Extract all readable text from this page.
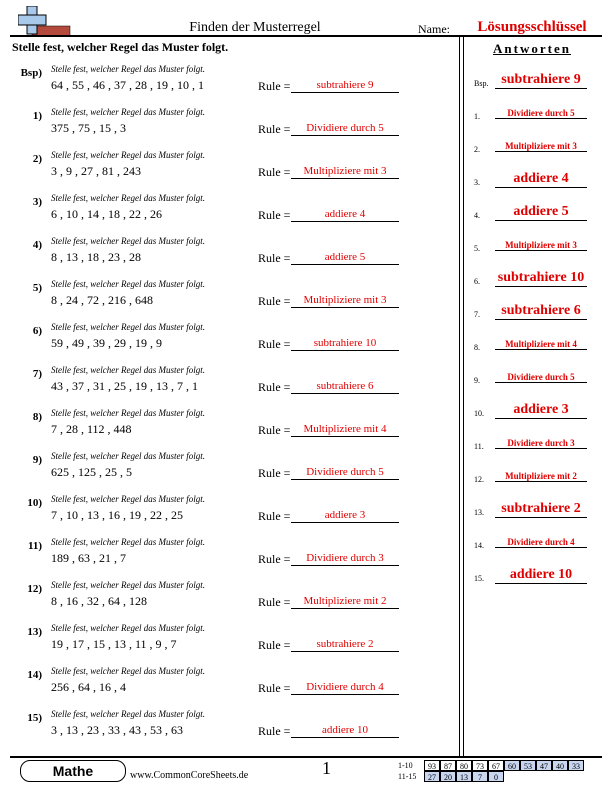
Finden der Musterregel	Name:	Lösungsschlüssel
Stelle fest, welcher Regel das Muster folgt.	Antworten
Bsp) Stelle fest, welcher Regel das Muster folgt.
64 , 55 , 46 , 37 , 28 , 19 , 10 , 1	Rule =	subtrahiere 9
1) Stelle fest, welcher Regel das Muster folgt.
375 , 75 , 15 , 3	Rule =	Dividiere durch 5
2) Stelle fest, welcher Regel das Muster folgt.
3 , 9 , 27 , 81 , 243	Rule =	Multipliziere mit 3
3) Stelle fest, welcher Regel das Muster folgt.
6 , 10 , 14 , 18 , 22 , 26	Rule =	addiere 4
4) Stelle fest, welcher Regel das Muster folgt.
8 , 13 , 18 , 23 , 28	Rule =	addiere 5
5) Stelle fest, welcher Regel das Muster folgt.
8 , 24 , 72 , 216 , 648	Rule =	Multipliziere mit 3
6) Stelle fest, welcher Regel das Muster folgt.
59 , 49 , 39 , 29 , 19 , 9	Rule =	subtrahiere 10
7) Stelle fest, welcher Regel das Muster folgt.
43 , 37 , 31 , 25 , 19 , 13 , 7 , 1	Rule =	subtrahiere 6
8) Stelle fest, welcher Regel das Muster folgt.
7 , 28 , 112 , 448	Rule =	Multipliziere mit 4
9) Stelle fest, welcher Regel das Muster folgt.
625 , 125 , 25 , 5	Rule =	Dividiere durch 5
10) Stelle fest, welcher Regel das Muster folgt.
7 , 10 , 13 , 16 , 19 , 22 , 25	Rule =	addiere 3
11) Stelle fest, welcher Regel das Muster folgt.
189 , 63 , 21 , 7	Rule =	Dividiere durch 3
12) Stelle fest, welcher Regel das Muster folgt.
8 , 16 , 32 , 64 , 128	Rule =	Multipliziere mit 2
13) Stelle fest, welcher Regel das Muster folgt.
19 , 17 , 15 , 13 , 11 , 9 , 7	Rule =	subtrahiere 2
14) Stelle fest, welcher Regel das Muster folgt.
256 , 64 , 16 , 4	Rule =	Dividiere durch 4
15) Stelle fest, welcher Regel das Muster folgt.
3 , 13 , 23 , 33 , 43 , 53 , 63	Rule =	addiere 10
Bsp. subtrahiere 9
1.	Dividiere durch 5
2.	Multipliziere mit 3
3.	addiere 4
4.	addiere 5
5.	Multipliziere mit 3
6. subtrahiere 10
7.	subtrahiere 6
8.	Multipliziere mit 4
9.	Dividiere durch 5
10.	addiere 3
11.	Dividiere durch 3
12.	Multipliziere mit 2
13.	subtrahiere 2
14.	Dividiere durch 4
15.	addiere 10
Mathe	www.CommonCoreSheets.de	1	1-10	93	87	80	73	67	60	53	47	40	33
11-15	27	20	13	7	0
